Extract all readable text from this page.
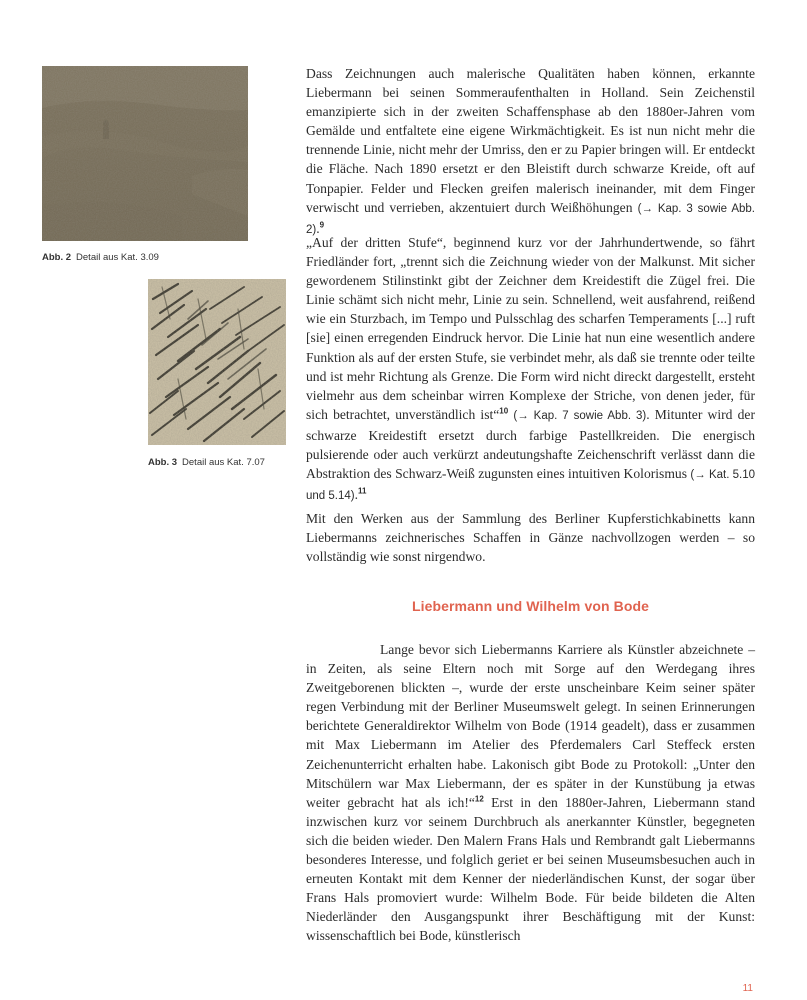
Abb. 2 Detail aus Kat. 3.09
Abb. 3 Detail aus Kat. 7.07

Dass Zeichnungen auch malerische Qualitäten haben können, erkannte Liebermann bei seinen Sommeraufenthalten in Holland. Sein Zeichenstil emanzipierte sich in der zweiten Schaffensphase ab den 1880er-Jahren vom Gemälde und entfaltete eine eigene Wirkmächtigkeit. Es ist nun nicht mehr die trennende Linie, nicht mehr der Umriss, den er zu Papier bringen will. Er entdeckt die Fläche. Nach 1890 ersetzt er den Bleistift durch schwarze Kreide, oft auf Tonpapier. Felder und Flecken greifen malerisch ineinander, mit dem Finger verwischt und verrieben, akzentuiert durch Weißhöhungen (→ Kap. 3 sowie Abb. 2).$^9$

„Auf der dritten Stufe“, beginnend kurz vor der Jahrhundertwende, so fährt Friedländer fort, „trennt sich die Zeichnung wieder von der Malkunst. Mit sicher gewordenem Stilinstinkt gibt der Zeichner dem Kreidestift die Zügel frei. Die Linie schämt sich nicht mehr, Linie zu sein. Schnellend, weit ausfahrend, reißend wie ein Sturzbach, im Tempo und Pulsschlag des scharfen Temperaments [...] ruft [sie] einen erregenden Eindruck hervor. Die Linie hat nun eine wesentlich andere Funktion als auf der ersten Stufe, sie verbindet mehr, als daß sie trennte oder teilte und ist mehr Richtung als Grenze. Die Form wird nicht direckt dargestellt, ersteht vielmehr aus dem scheinbar wirren Komplexe der Striche, von denen jeder, für sich betrachtet, unverständlich ist“$^{10}$ (→ Kap. 7 sowie Abb. 3). Mitunter wird der schwarze Kreidestift ersetzt durch farbige Pastellkreiden. Die energisch pulsierende oder auch verkürzt andeutungshafte Zeichenschrift verlässt dann die Abstraktion des Schwarz-Weiß zugunsten eines intuitiven Kolorismus (→ Kat. 5.10 und 5.14).$^{11}$

Mit den Werken aus der Sammlung des Berliner Kupferstichkabinetts kann Liebermanns zeichnerisches Schaffen in Gänze nachvollzogen werden – so vollständig wie sonst nirgendwo.

Liebermann und Wilhelm von Bode

Lange bevor sich Liebermanns Karriere als Künstler abzeichnete – in Zeiten, als seine Eltern noch mit Sorge auf den Werdegang ihres Zweitgeborenen blickten –, wurde der erste unscheinbare Keim seiner später regen Verbindung mit der Berliner Museumswelt gelegt. In seinen Erinnerungen berichtete Generaldirektor Wilhelm von Bode (1914 geadelt), dass er zusammen mit Max Liebermann im Atelier des Pferdemalers Carl Steffeck ersten Zeichenunterricht erhalten habe. Lakonisch gibt Bode zu Protokoll: „Unter den Mitschülern war Max Liebermann, der es später in der Kunstübung ja etwas weiter gebracht hat als ich!“$^{12}$ Erst in den 1880er-Jahren, Liebermann stand inzwischen kurz vor seinem Durchbruch als anerkannter Künstler, begegneten sich die beiden wieder. Den Malern Frans Hals und Rembrandt galt Liebermanns besonderes Interesse, und folglich geriet er bei seinen Museumsbesuchen auch in erneuten Kontakt mit dem Kenner der niederländischen Kunst, der sogar über Frans Hals promoviert wurde: Wilhelm Bode. Für beide bildeten die Alten Niederländer den Ausgangspunkt ihrer Beschäftigung mit der Kunst: wissenschaftlich bei Bode, künstlerisch

11
